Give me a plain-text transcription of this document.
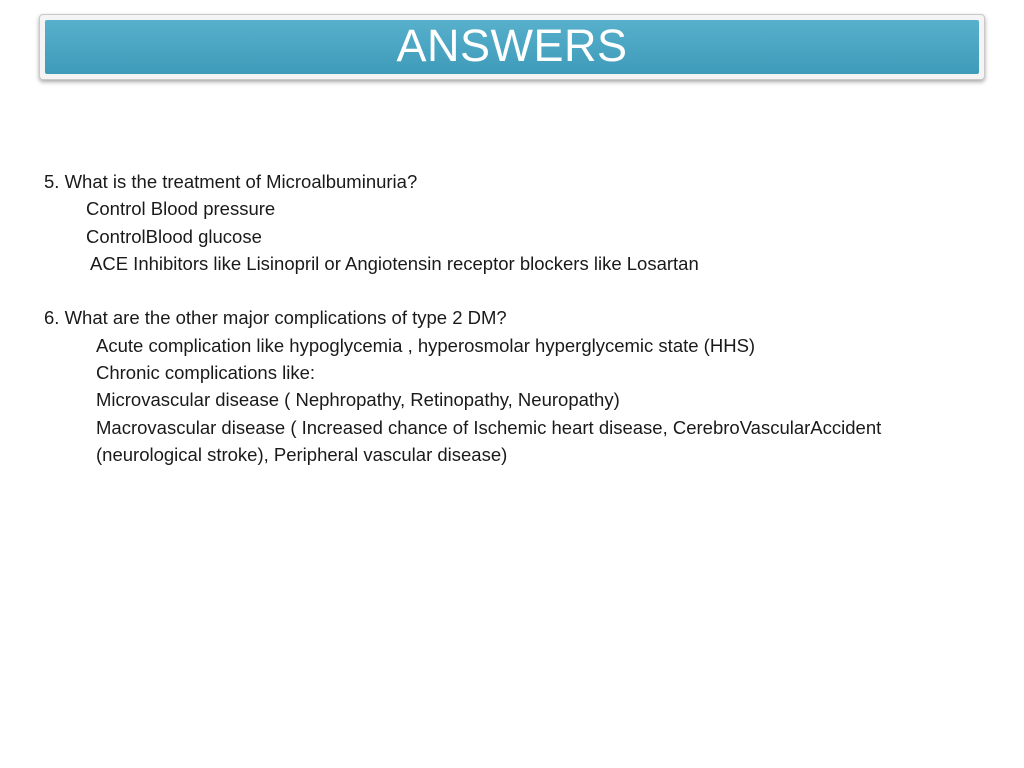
ANSWERS

5. What is the treatment of Microalbuminuria?

Control Blood pressure

ControlBlood glucose

ACE Inhibitors like Lisinopril or Angiotensin receptor blockers like Losartan

6. What are the other major complications of type 2 DM?

Acute complication like hypoglycemia , hyperosmolar hyperglycemic state (HHS)

Chronic complications like:

Microvascular disease ( Nephropathy, Retinopathy, Neuropathy)

Macrovascular disease ( Increased chance of Ischemic heart disease, CerebroVascularAccident

(neurological stroke), Peripheral vascular disease)
